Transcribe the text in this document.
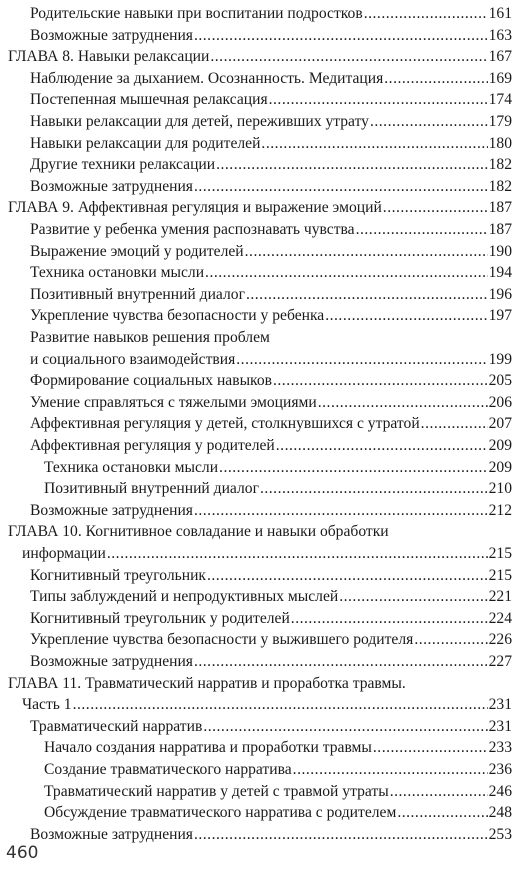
Родительские навыки при воспитании подростков .....	161
Возможные затруднения .....	163
ГЛАВА 8. Навыки релаксации .....	167
Наблюдение за дыханием. Осознанность. Медитация .....	169
Постепенная мышечная релаксация .....	174
Навыки релаксации для детей, переживших утрату .....	179
Навыки релаксации для родителей .....	180
Другие техники релаксации .....	182
Возможные затруднения .....	182
ГЛАВА 9. Аффективная регуляция и выражение эмоций .....	187
Развитие у ребенка умения распознавать чувства .....	187
Выражение эмоций у родителей .....	190
Техника остановки мысли .....	194
Позитивный внутренний диалог .....	196
Укрепление чувства безопасности у ребенка .....	197
Развитие навыков решения проблем
и социального взаимодействия .....	199
Формирование социальных навыков .....	205
Умение справляться с тяжелыми эмоциями .....	206
Аффективная регуляция у детей, столкнувшихся с утратой .....	207
Аффективная регуляция у родителей .....	209
Техника остановки мысли .....	209
Позитивный внутренний диалог .....	210
Возможные затруднения .....	212
ГЛАВА 10. Когнитивное совладание и навыки обработки
информации .....	215
Когнитивный треугольник .....	215
Типы заблуждений и непродуктивных мыслей .....	221
Когнитивный треугольник у родителей .....	224
Укрепление чувства безопасности у выжившего родителя .....	226
Возможные затруднения .....	227
ГЛАВА 11. Травматический нарратив и проработка травмы.
Часть 1 .....	231
Травматический нарратив .....	231
Начало создания нарратива и проработки травмы .....	233
Создание травматического нарратива .....	236
Травматический нарратив у детей с травмой утраты .....	246
Обсуждение травматического нарратива с родителем .....	248
Возможные затруднения .....	253
460
